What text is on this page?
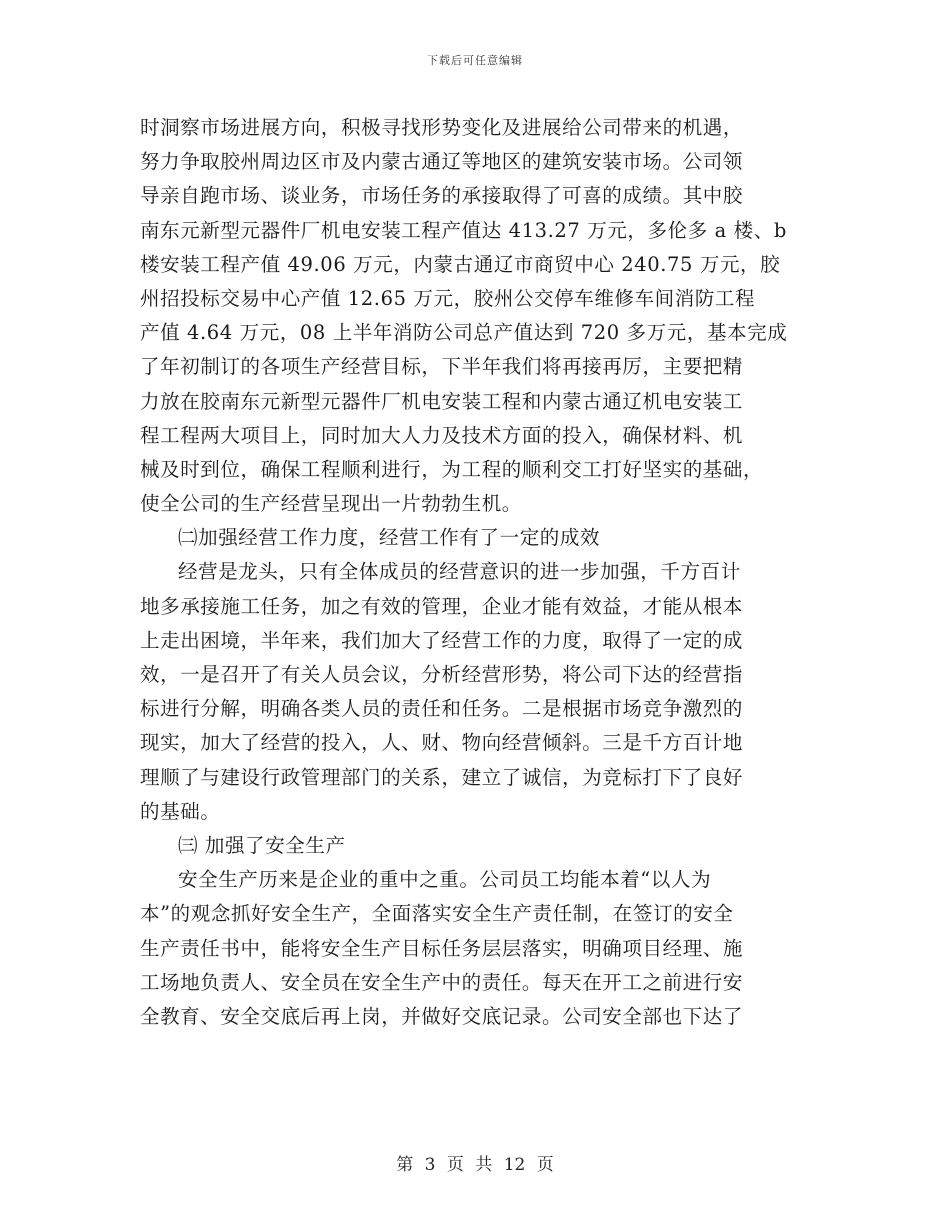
下载后可任意编辑
时洞察市场进展方向，积极寻找形势变化及进展给公司带来的机遇，
努力争取胶州周边区市及内蒙古通辽等地区的建筑安装市场。公司领
导亲自跑市场、谈业务，市场任务的承接取得了可喜的成绩。其中胶
南东元新型元器件厂机电安装工程产值达 413.27 万元，多伦多 a 楼、b
楼安装工程产值 49.06 万元，内蒙古通辽市商贸中心 240.75 万元，胶
州招投标交易中心产值 12.65 万元，胶州公交停车维修车间消防工程
产值 4.64 万元，08 上半年消防公司总产值达到 720 多万元，基本完成
了年初制订的各项生产经营目标，下半年我们将再接再厉，主要把精
力放在胶南东元新型元器件厂机电安装工程和内蒙古通辽机电安装工
程工程两大项目上，同时加大人力及技术方面的投入，确保材料、机
械及时到位，确保工程顺利进行，为工程的顺利交工打好坚实的基础，
使全公司的生产经营呈现出一片勃勃生机。
㈡加强经营工作力度，经营工作有了一定的成效
经营是龙头，只有全体成员的经营意识的进一步加强，千方百计
地多承接施工任务，加之有效的管理，企业才能有效益，才能从根本
上走出困境，半年来，我们加大了经营工作的力度，取得了一定的成
效，一是召开了有关人员会议，分析经营形势，将公司下达的经营指
标进行分解，明确各类人员的责任和任务。二是根据市场竞争激烈的
现实，加大了经营的投入，人、财、物向经营倾斜。三是千方百计地
理顺了与建设行政管理部门的关系，建立了诚信，为竞标打下了良好
的基础。
㈢ 加强了安全生产
安全生产历来是企业的重中之重。公司员工均能本着“以人为
本”的观念抓好安全生产，全面落实安全生产责任制，在签订的安全
生产责任书中，能将安全生产目标任务层层落实，明确项目经理、施
工场地负责人、安全员在安全生产中的责任。每天在开工之前进行安
全教育、安全交底后再上岗，并做好交底记录。公司安全部也下达了
第 3 页 共 12 页
